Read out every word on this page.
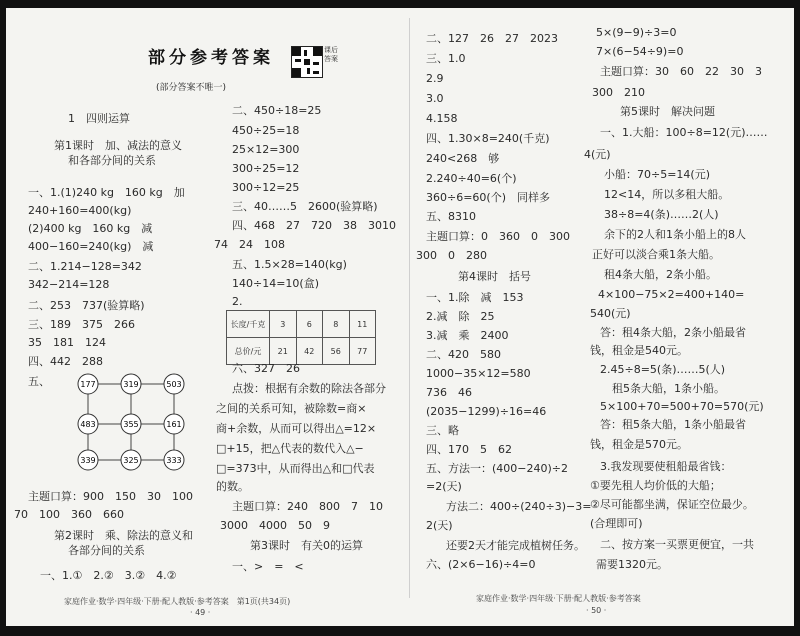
部分参考答案	课后
答案
(部分答案不唯一)
1　四则运算
第1课时　加、减法的意义
和各部分间的关系
一、1.(1)240 kg　160 kg　加
240+160=400(kg)
(2)400 kg　160 kg　减
400−160=240(kg)　减
二、1.214−128=342
342−214=128
二、253　737(验算略)
三、189　375　266
35　181　124
四、442　288
五、	177	319	503
483	355	161
339	325	333
主题口算：900　150　30　100
70　100　360　660
第2课时　乘、除法的意义和
各部分间的关系
一、1.①　2.②　3.②　4.②
家庭作业·数学·四年级·下册·配人教版·参考答案　第1页(共34页)
· 49 ·
二、450÷18=25
450÷25=18
25×12=300
300÷25=12
300÷12=25
三、40……5　2600(验算略)
四、468　27　720　38　3010
74　24　108
五、1.5×28=140(kg)
140÷14=10(盒)
2.
长度/千克	3	6	8	11
总价/元	21	42	56	77
六、327　26
点拨：根据有余数的除法各部分
之间的关系可知，被除数=商×
商+余数，从而可以得出△=12×
□+15，把△代表的数代入△−
□=373中，从而得出△和□代表
的数。
主题口算：240　800　7　10
3000　4000　50　9
第3课时　有关0的运算
一、>　=　<
二、127　26　27　2023
三、1.0
2.9
3.0
4.158
四、1.30×8=240(千克)
240<268　够
2.240÷40=6(个)
360÷6=60(个)　同样多
五、8310
主题口算：0　360　0　300
300　0　280
第4课时　括号
一、1.除　减　153
2.减　除　25
3.减　乘　2400
二、420　580
1000−35×12=580
736　46
(2035−1299)÷16=46
三、略
四、170　5　62
五、方法一：(400−240)÷2
=2(天)
方法二：400÷(240÷3)−3=
2(天)
还要2天才能完成植树任务。
六、(2×6−16)÷4=0
家庭作业·数学·四年级·下册·配人教版·参考答案
· 50 ·
5×(9−9)÷3=0
7×(6−54÷9)=0
主题口算：30　60　22　30　3
300　210
第5课时　解决问题
一、1.大船：100÷8=12(元)……
4(元)
小船：70÷5=14(元)
12<14，所以多租大船。
38÷8=4(条)……2(人)
余下的2人和1条小船上的8人
正好可以淡合乘1条大船。
租4条大船，2条小船。
4×100−75×2=400+140=
540(元)
答：租4条大船，2条小船最省
钱，租金是540元。
2.45÷8=5(条)……5(人)
租5条大船，1条小船。
5×100+70=500+70=570(元)
答：租5条大船，1条小船最省
钱，租金是570元。
3.我发现要使租船最省钱：
①要先租人均价低的大船；
②尽可能都坐满，保证空位最少。
(合理即可)
二、按方案一买票更便宜，一共
需要1320元。
